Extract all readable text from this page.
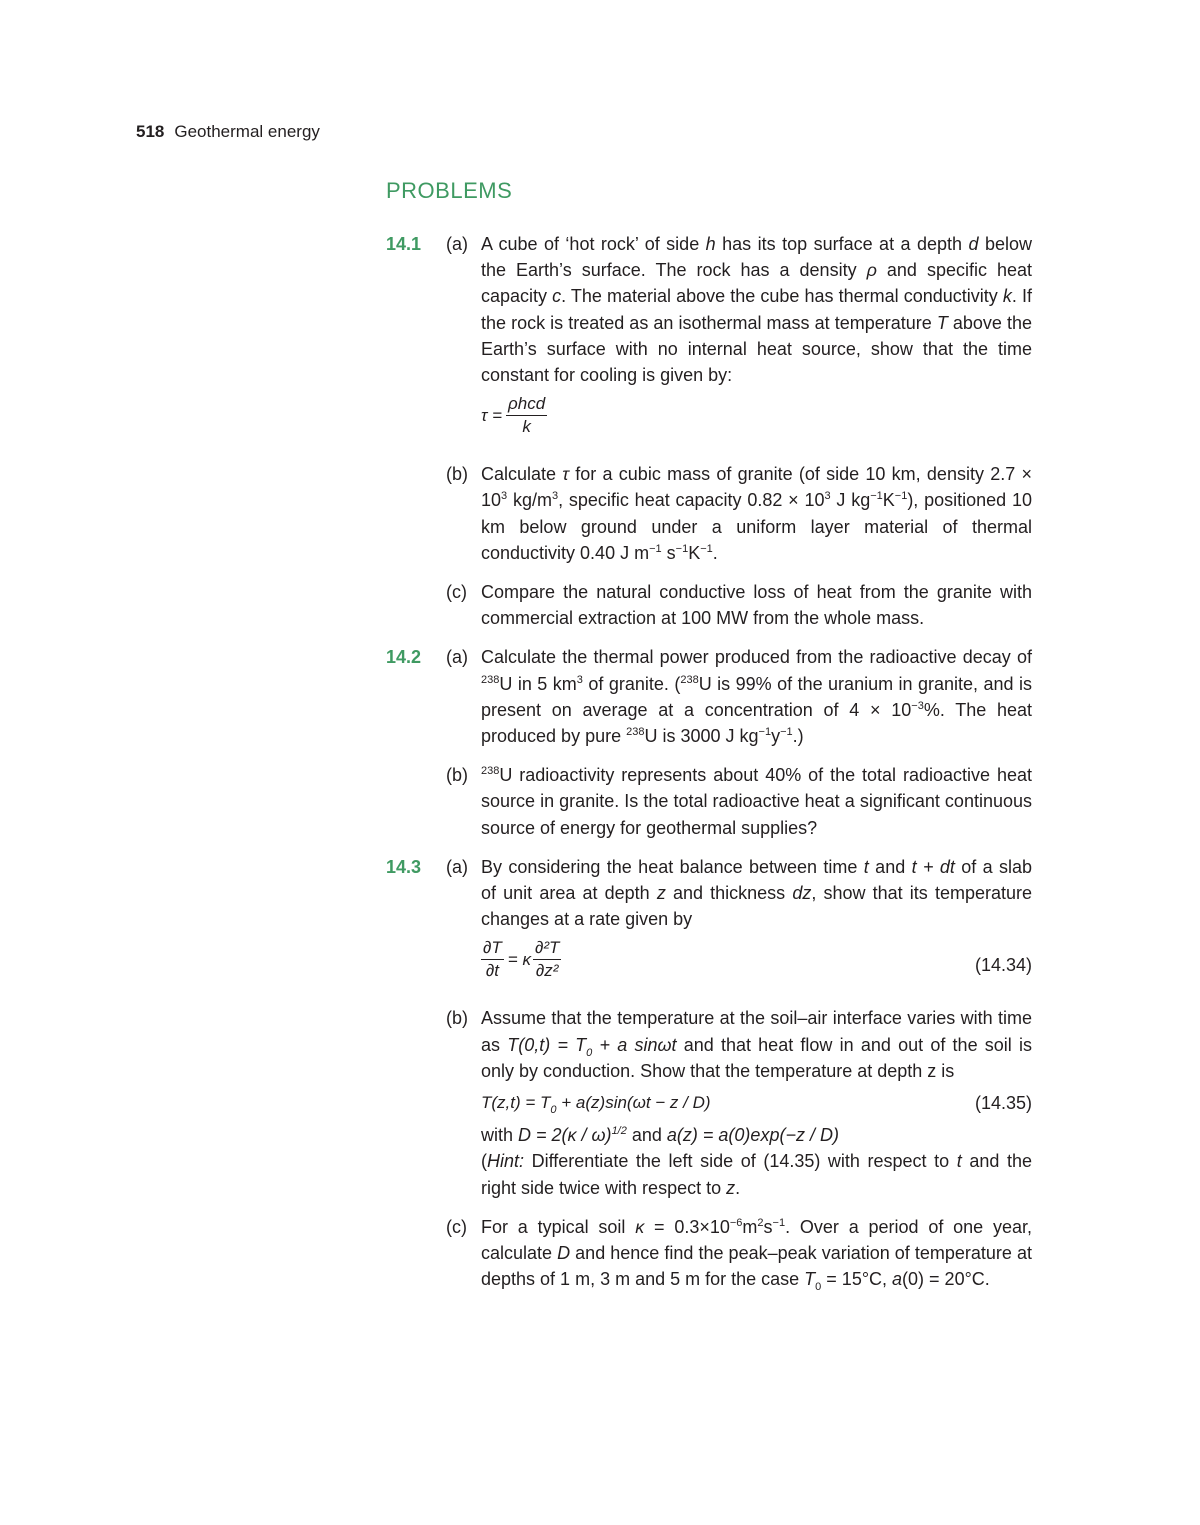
518 Geothermal energy
PROBLEMS
14.1 (a) A cube of ‘hot rock’ of side h has its top surface at a depth d below the Earth’s surface. The rock has a density ρ and specific heat capacity c. The material above the cube has thermal conductivity k. If the rock is treated as an isothermal mass at temperature T above the Earth’s surface with no internal heat source, show that the time constant for cooling is given by:
$\tau = \frac{\text{ρhcd}}{k}$
(b) Calculate τ for a cubic mass of granite (of side 10 km, density $2.7 \times 10^3$ $kg/m^3$, specific heat capacity $0.82 \times 10^3$ J $kg^{-1}K^{-1}$), positioned 10 km below ground under a uniform layer material of thermal conductivity 0.40 J $m^{-1}$ $s^{-1}K^{-1}$.
(c) Compare the natural conductive loss of heat from the granite with commercial extraction at 100 MW from the whole mass.
14.2 (a) Calculate the thermal power produced from the radioactive decay of $^{238}$U in 5 $km^3$ of granite. ($^{238}$U is 99% of the uranium in granite, and is present on average at a concentration of $4 \times 10^{-3}\%$. The heat produced by pure $^{238}$U is 3000 J $kg^{-1}y^{-1}$.)
(b) $^{238}$U radioactivity represents about 40% of the total radioactive heat source in granite. Is the total radioactive heat a significant continuous source of energy for geothermal supplies?
14.3 (a) By considering the heat balance between time t and t + dt of a slab of unit area at depth z and thickness dz, show that its temperature changes at a rate given by
$\frac{\partial T}{\partial t} = \kappa \frac{\text{∂²T}}{\text{∂z²}}$	(14.34)
(b) Assume that the temperature at the soil–air interface varies with time as $T(0,t) = T_0 + a$ sinωt and that heat flow in and out of the soil is only by conduction. Show that the temperature at depth z is
$T(z,t) = T_0 + a(z)\sin(\omega t - z / D)$	(14.35)
with D = 2(κ / ω)$^{1/2}$ and a(z) = a(0)exp(−z / D)
(Hint: Differentiate the left side of (14.35) with respect to t and the right side twice with respect to z.
(c) For a typical soil $\kappa = 0.3\times 10^{-6}m^2s^{-1}$. Over a period of one year, calculate D and hence find the peak–peak variation of temperature at depths of 1 m, 3 m and 5 m for the case $T_0 = 15^\circ C$, a(0) = 20°C.
